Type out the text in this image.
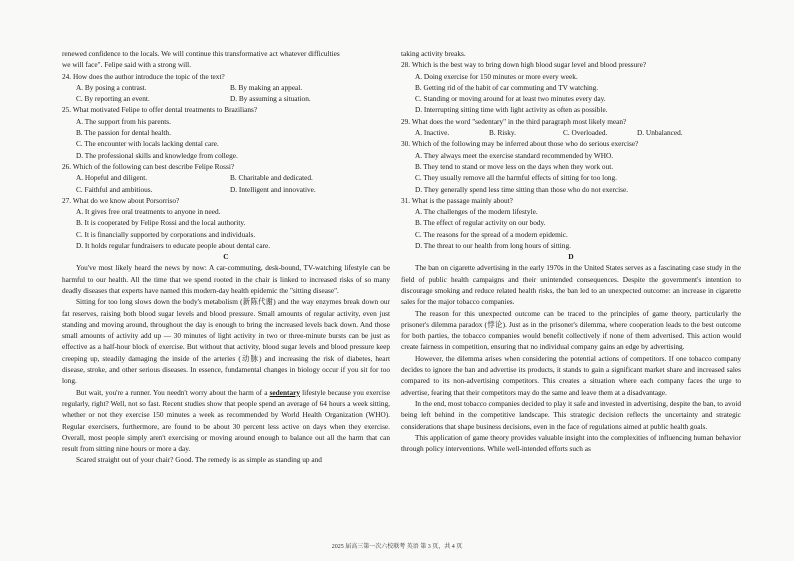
renewed confidence to the locals. We will continue this transformative act whatever difficulties

we will face". Felipe said with a strong will.

24. How does the author introduce the topic of the text?

A. By posing a contrast.	B. By making an appeal.
C. By reporting an event.	D. By assuming a situation.

25. What motivated Felipe to offer dental treatments to Brazilians?

A. The support from his parents.

B. The passion for dental health.

C. The encounter with locals lacking dental care.

D. The professional skills and knowledge from college.

26. Which of the following can best describe Felipe Rossi?

A. Hopeful and diligent.	B. Charitable and dedicated.
C. Faithful and ambitious.	D. Intelligent and innovative.

27. What do we know about Porsorriso?

A. It gives free oral treatments to anyone in need.

B. It is cooperated by Felipe Rossi and the local authority.

C. It is financially supported by corporations and individuals.

D. It holds regular fundraisers to educate people about dental care.

C

You've most likely heard the news by now: A car-commuting, desk-bound, TV-watching lifestyle can be harmful to our health. All the time that we spend rooted in the chair is linked to increased risks of so many deadly diseases that experts have named this modern-day health epidemic the "sitting disease".

Sitting for too long slows down the body's metabolism (新陈代谢) and the way enzymes break down our fat reserves, raising both blood sugar levels and blood pressure. Small amounts of regular activity, even just standing and moving around, throughout the day is enough to bring the increased levels back down. And those small amounts of activity add up — 30 minutes of light activity in two or three-minute bursts can be just as effective as a half-hour block of exercise. But without that activity, blood sugar levels and blood pressure keep creeping up, steadily damaging the inside of the arteries (动脉) and increasing the risk of diabetes, heart disease, stroke, and other serious diseases. In essence, fundamental changes in biology occur if you sit for too long.

But wait, you're a runner. You needn't worry about the harm of a sedentary lifestyle because you exercise regularly, right? Well, not so fast. Recent studies show that people spend an average of 64 hours a week sitting, whether or not they exercise 150 minutes a week as recommended by World Health Organization (WHO). Regular exercisers, furthermore, are found to be about 30 percent less active on days when they exercise. Overall, most people simply aren't exercising or moving around enough to balance out all the harm that can result from sitting nine hours or more a day.

Scared straight out of your chair? Good. The remedy is as simple as standing up and

taking activity breaks.

28. Which is the best way to bring down high blood sugar level and blood pressure?

A. Doing exercise for 150 minutes or more every week.

B. Getting rid of the habit of car commuting and TV watching.

C. Standing or moving around for at least two minutes every day.

D. Interrupting sitting time with light activity as often as possible.

29. What does the word "sedentary" in the third paragraph most likely mean?

A. Inactive.	B. Risky.	C. Overloaded.	D. Unbalanced.

30. Which of the following may be inferred about those who do serious exercise?

A. They always meet the exercise standard recommended by WHO.

B. They tend to stand or move less on the days when they work out.

C. They usually remove all the harmful effects of sitting for too long.

D. They generally spend less time sitting than those who do not exercise.

31. What is the passage mainly about?

A. The challenges of the modern lifestyle.

B. The effect of regular activity on our body.

C. The reasons for the spread of a modern epidemic.

D. The threat to our health from long hours of sitting.

D

The ban on cigarette advertising in the early 1970s in the United States serves as a fascinating case study in the field of public health campaigns and their unintended consequences. Despite the government's intention to discourage smoking and reduce related health risks, the ban led to an unexpected outcome: an increase in cigarette sales for the major tobacco companies.

The reason for this unexpected outcome can be traced to the principles of game theory, particularly the prisoner's dilemma paradox (悖论). Just as in the prisoner's dilemma, where cooperation leads to the best outcome for both parties, the tobacco companies would benefit collectively if none of them advertised. This action would create fairness in competition, ensuring that no individual company gains an edge by advertising.

However, the dilemma arises when considering the potential actions of competitors. If one tobacco company decides to ignore the ban and advertise its products, it stands to gain a significant market share and increased sales compared to its non-advertising competitors. This creates a situation where each company faces the urge to advertise, fearing that their competitors may do the same and leave them at a disadvantage.

In the end, most tobacco companies decided to play it safe and invested in advertising, despite the ban, to avoid being left behind in the competitive landscape. This strategic decision reflects the uncertainty and strategic considerations that shape business decisions, even in the face of regulations aimed at public health goals.

This application of game theory provides valuable insight into the complexities of influencing human behavior through policy interventions. While well-intended efforts such as

2025 届高三第一次六校联考 英语 第 3 页，共 4 页
